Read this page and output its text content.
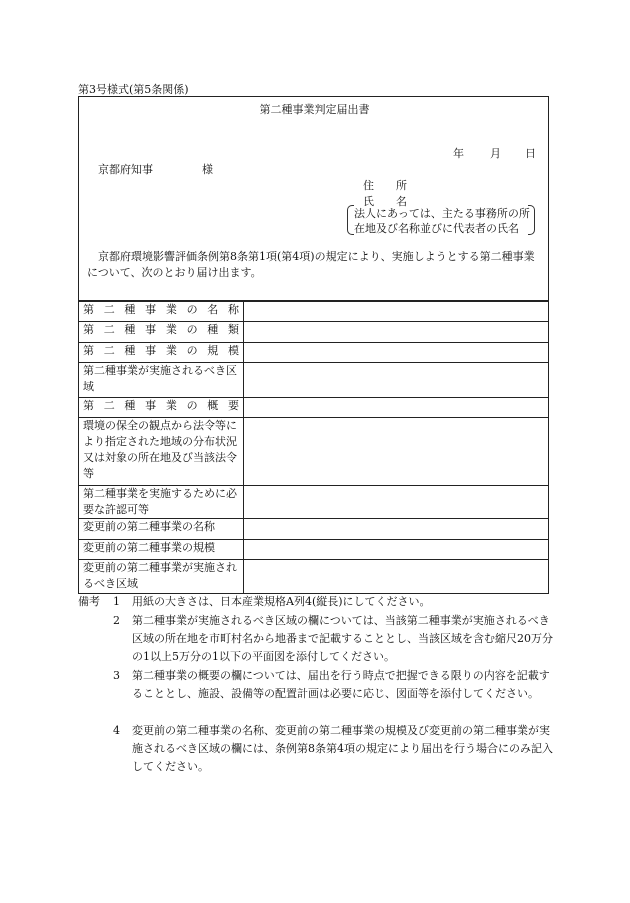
第3号様式(第5条関係)
第二種事業判定届出書
年 月 日
京都府知事	様
住　　所
氏　　名
法人にあっては、主たる事務所の所
在地及び名称並びに代表者の氏名
京都府環境影響評価条例第8条第1項(第4項)の規定により、実施しようとする第二種事業について、次のとおり届け出ます。
第二種事業の名称	

第二種事業の種類	

第二種事業の規模	

第二種事業が実施されるべき区域	

第二種事業の概要	

環境の保全の観点から法令等により指定された地域の分布状況又は対象の所在地及び当該法令等	
第二種事業を実施するために必要な許認可等	
変更前の第二種事業の名称	
変更前の第二種事業の規模	
変更前の第二種事業が実施されるべき区域	
備考 1 用紙の大きさは、日本産業規格A列4(縦長)にしてください。
2 第二種事業が実施されるべき区域の欄については、当該第二種事業が実施されるべき区域の所在地を市町村名から地番まで記載することとし、当該区域を含む縮尺20万分の1以上5万分の1以下の平面図を添付してください。
3 第二種事業の概要の欄については、届出を行う時点で把握できる限りの内容を記載することとし、施設、設備等の配置計画は必要に応じ、図面等を添付してください。
4 変更前の第二種事業の名称、変更前の第二種事業の規模及び変更前の第二種事業が実施されるべき区域の欄には、条例第8条第4項の規定により届出を行う場合にのみ記入してください。
